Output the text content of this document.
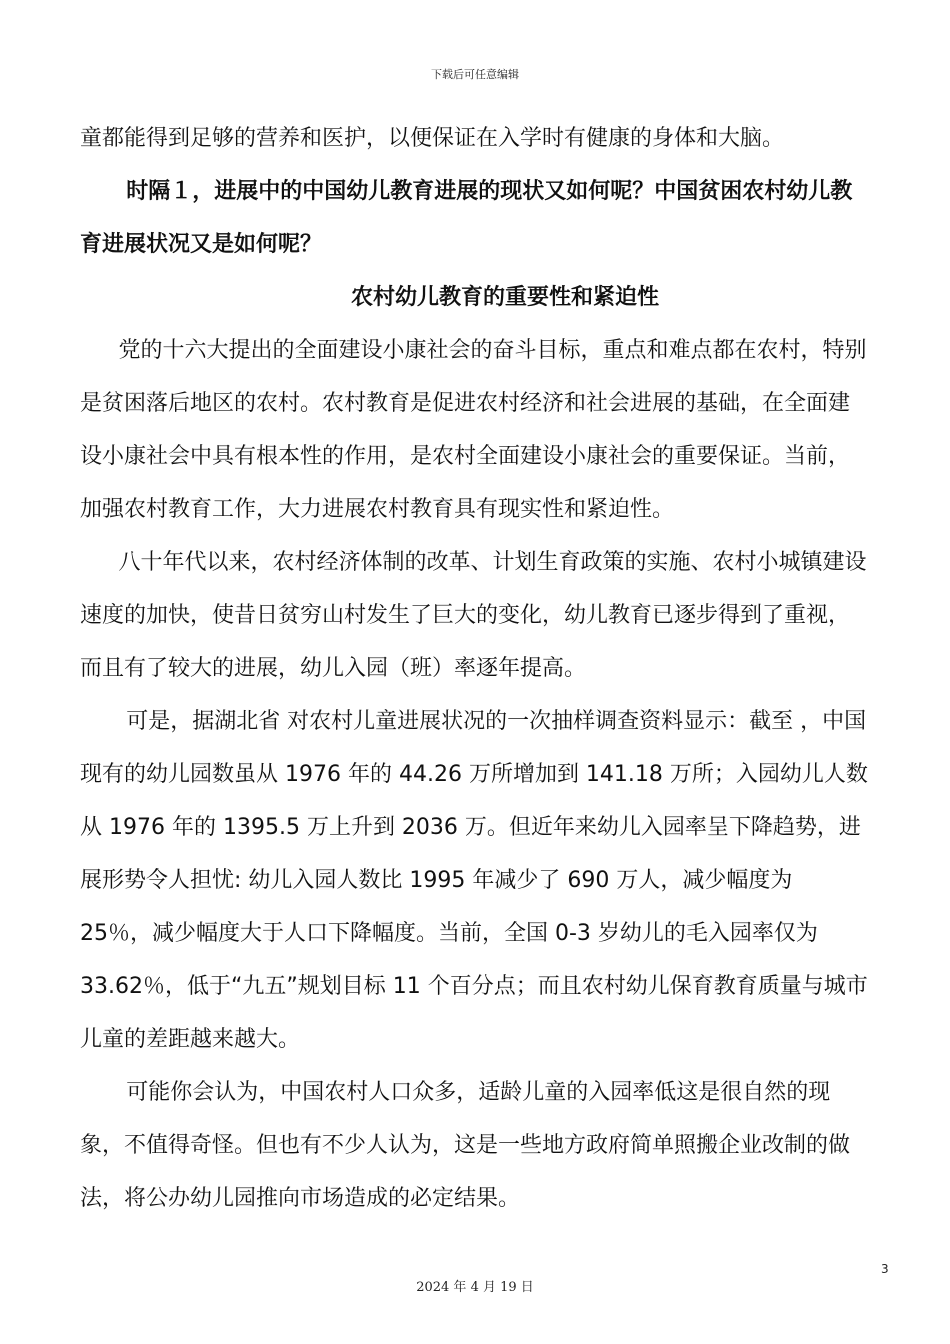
下载后可任意编辑

童都能得到足够的营养和医护，以便保证在入学时有健康的身体和大脑。

时隔１，进展中的中国幼儿教育进展的现状又如何呢？中国贫困农村幼儿教育进展状况又是如何呢？

农村幼儿教育的重要性和紧迫性

党的十六大提出的全面建设小康社会的奋斗目标，重点和难点都在农村，特别是贫困落后地区的农村。农村教育是促进农村经济和社会进展的基础，在全面建设小康社会中具有根本性的作用，是农村全面建设小康社会的重要保证。当前，加强农村教育工作，大力进展农村教育具有现实性和紧迫性。

八十年代以来，农村经济体制的改革、计划生育政策的实施、农村小城镇建设速度的加快，使昔日贫穷山村发生了巨大的变化，幼儿教育已逐步得到了重视，而且有了较大的进展，幼儿入园（班）率逐年提高。

可是，据湖北省 对农村儿童进展状况的一次抽样调查资料显示：截至 ，中国现有的幼儿园数虽从 1976 年的 44.26 万所增加到 141.18 万所；入园幼儿人数从 1976 年的 1395.5 万上升到 2036 万。但近年来幼儿入园率呈下降趋势，进展形势令人担忧: 幼儿入园人数比 1995 年减少了 690 万人，减少幅度为 25％，减少幅度大于人口下降幅度。当前，全国 0-3 岁幼儿的毛入园率仅为 33.62％，低于“九五”规划目标 11 个百分点；而且农村幼儿保育教育质量与城市儿童的差距越来越大。

可能你会认为，中国农村人口众多，适龄儿童的入园率低这是很自然的现象，不值得奇怪。但也有不少人认为，这是一些地方政府简单照搬企业改制的做法，将公办幼儿园推向市场造成的必定结果。

3
2024 年 4 月 19 日
